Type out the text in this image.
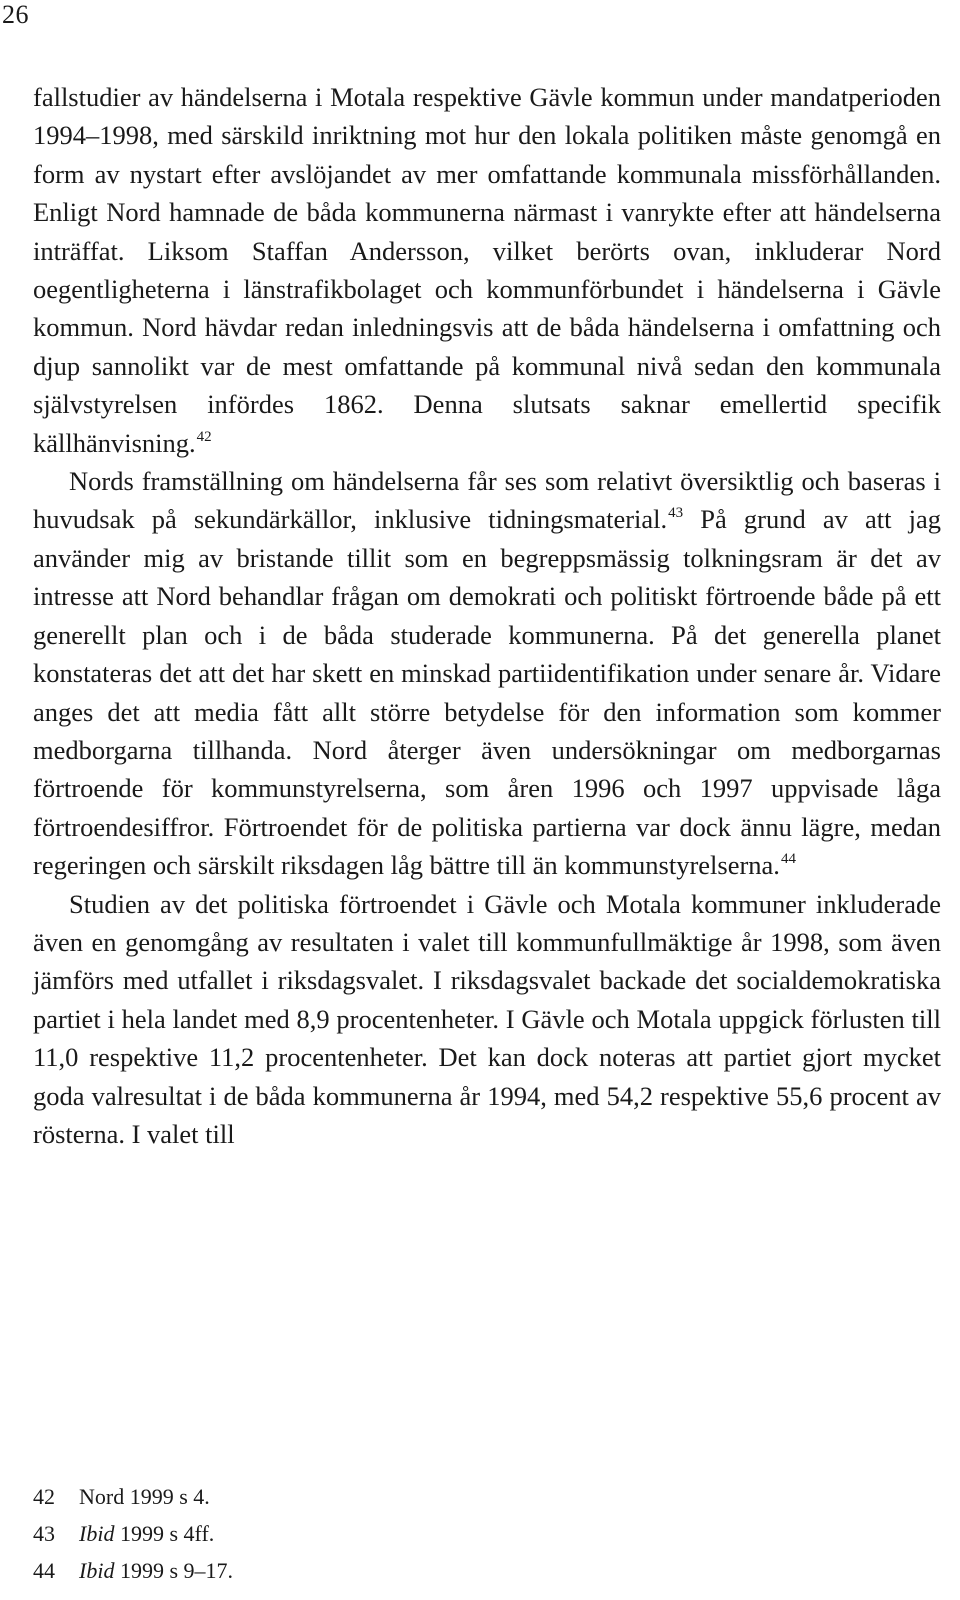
26

fallstudier av händelserna i Motala respektive Gävle kommun under mandatperioden 1994–1998, med särskild inriktning mot hur den lokala politiken måste genomgå en form av nystart efter avslöjandet av mer omfattande kommunala missförhållanden. Enligt Nord hamnade de båda kommunerna närmast i vanrykte efter att händelserna inträffat. Liksom Staffan Andersson, vilket berörts ovan, inkluderar Nord oegentligheterna i länstrafikbolaget och kommunförbundet i händelserna i Gävle kommun. Nord hävdar redan inledningsvis att de båda händelserna i omfattning och djup sannolikt var de mest omfattande på kommunal nivå sedan den kommunala självstyrelsen infördes 1862. Denna slutsats saknar emellertid specifik källhänvisning.$^{42}$

Nords framställning om händelserna får ses som relativt översiktlig och baseras i huvudsak på sekundärkällor, inklusive tidningsmaterial.$^{43}$ På grund av att jag använder mig av bristande tillit som en begreppsmässig tolkningsram är det av intresse att Nord behandlar frågan om demokrati och politiskt förtroende både på ett generellt plan och i de båda studerade kommunerna. På det generella planet konstateras det att det har skett en minskad partiidentifikation under senare år. Vidare anges det att media fått allt större betydelse för den information som kommer medborgarna tillhanda. Nord återger även undersökningar om medborgarnas förtroende för kommunstyrelserna, som åren 1996 och 1997 uppvisade låga förtroendesiffror. Förtroendet för de politiska partierna var dock ännu lägre, medan regeringen och särskilt riksdagen låg bättre till än kommunstyrelserna.$^{44}$

Studien av det politiska förtroendet i Gävle och Motala kommuner inkluderade även en genomgång av resultaten i valet till kommunfullmäktige år 1998, som även jämförs med utfallet i riksdagsvalet. I riksdagsvalet backade det socialdemokratiska partiet i hela landet med 8,9 procentenheter. I Gävle och Motala uppgick förlusten till 11,0 respektive 11,2 procentenheter. Det kan dock noteras att partiet gjort mycket goda valresultat i de båda kommunerna år 1994, med 54,2 respektive 55,6 procent av rösterna. I valet till

42	Nord 1999 s 4.
43	Ibid 1999 s 4ff.
44	Ibid 1999 s 9–17.
